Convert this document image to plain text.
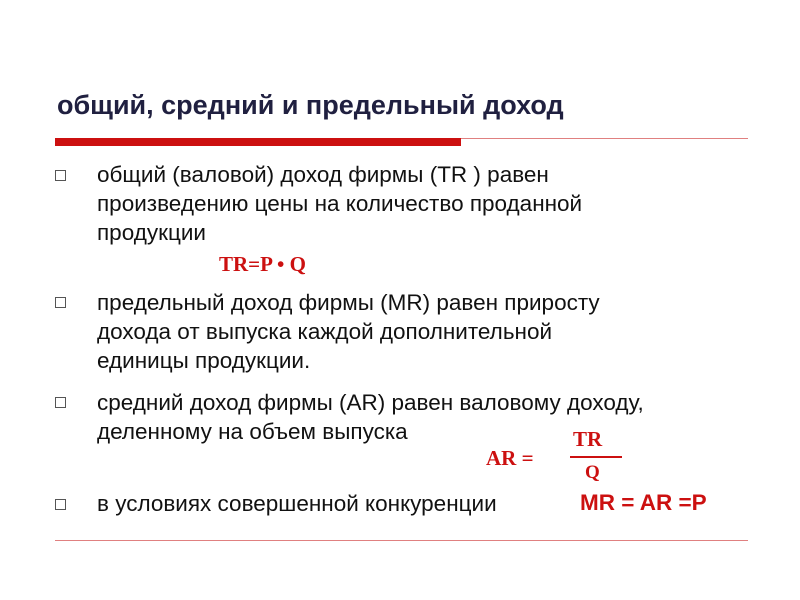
общий, средний и предельный доход
общий (валовой) доход фирмы (TR ) равен
произведению цены на количество проданной
продукции
TR=P • Q
предельный доход фирмы (MR) равен приросту
дохода от выпуска каждой дополнительной
единицы продукции.
средний доход фирмы (AR) равен валовому доходу,
деленному на объем выпуска
AR =
TR
Q
в условиях совершенной конкуренции	MR = AR =P
